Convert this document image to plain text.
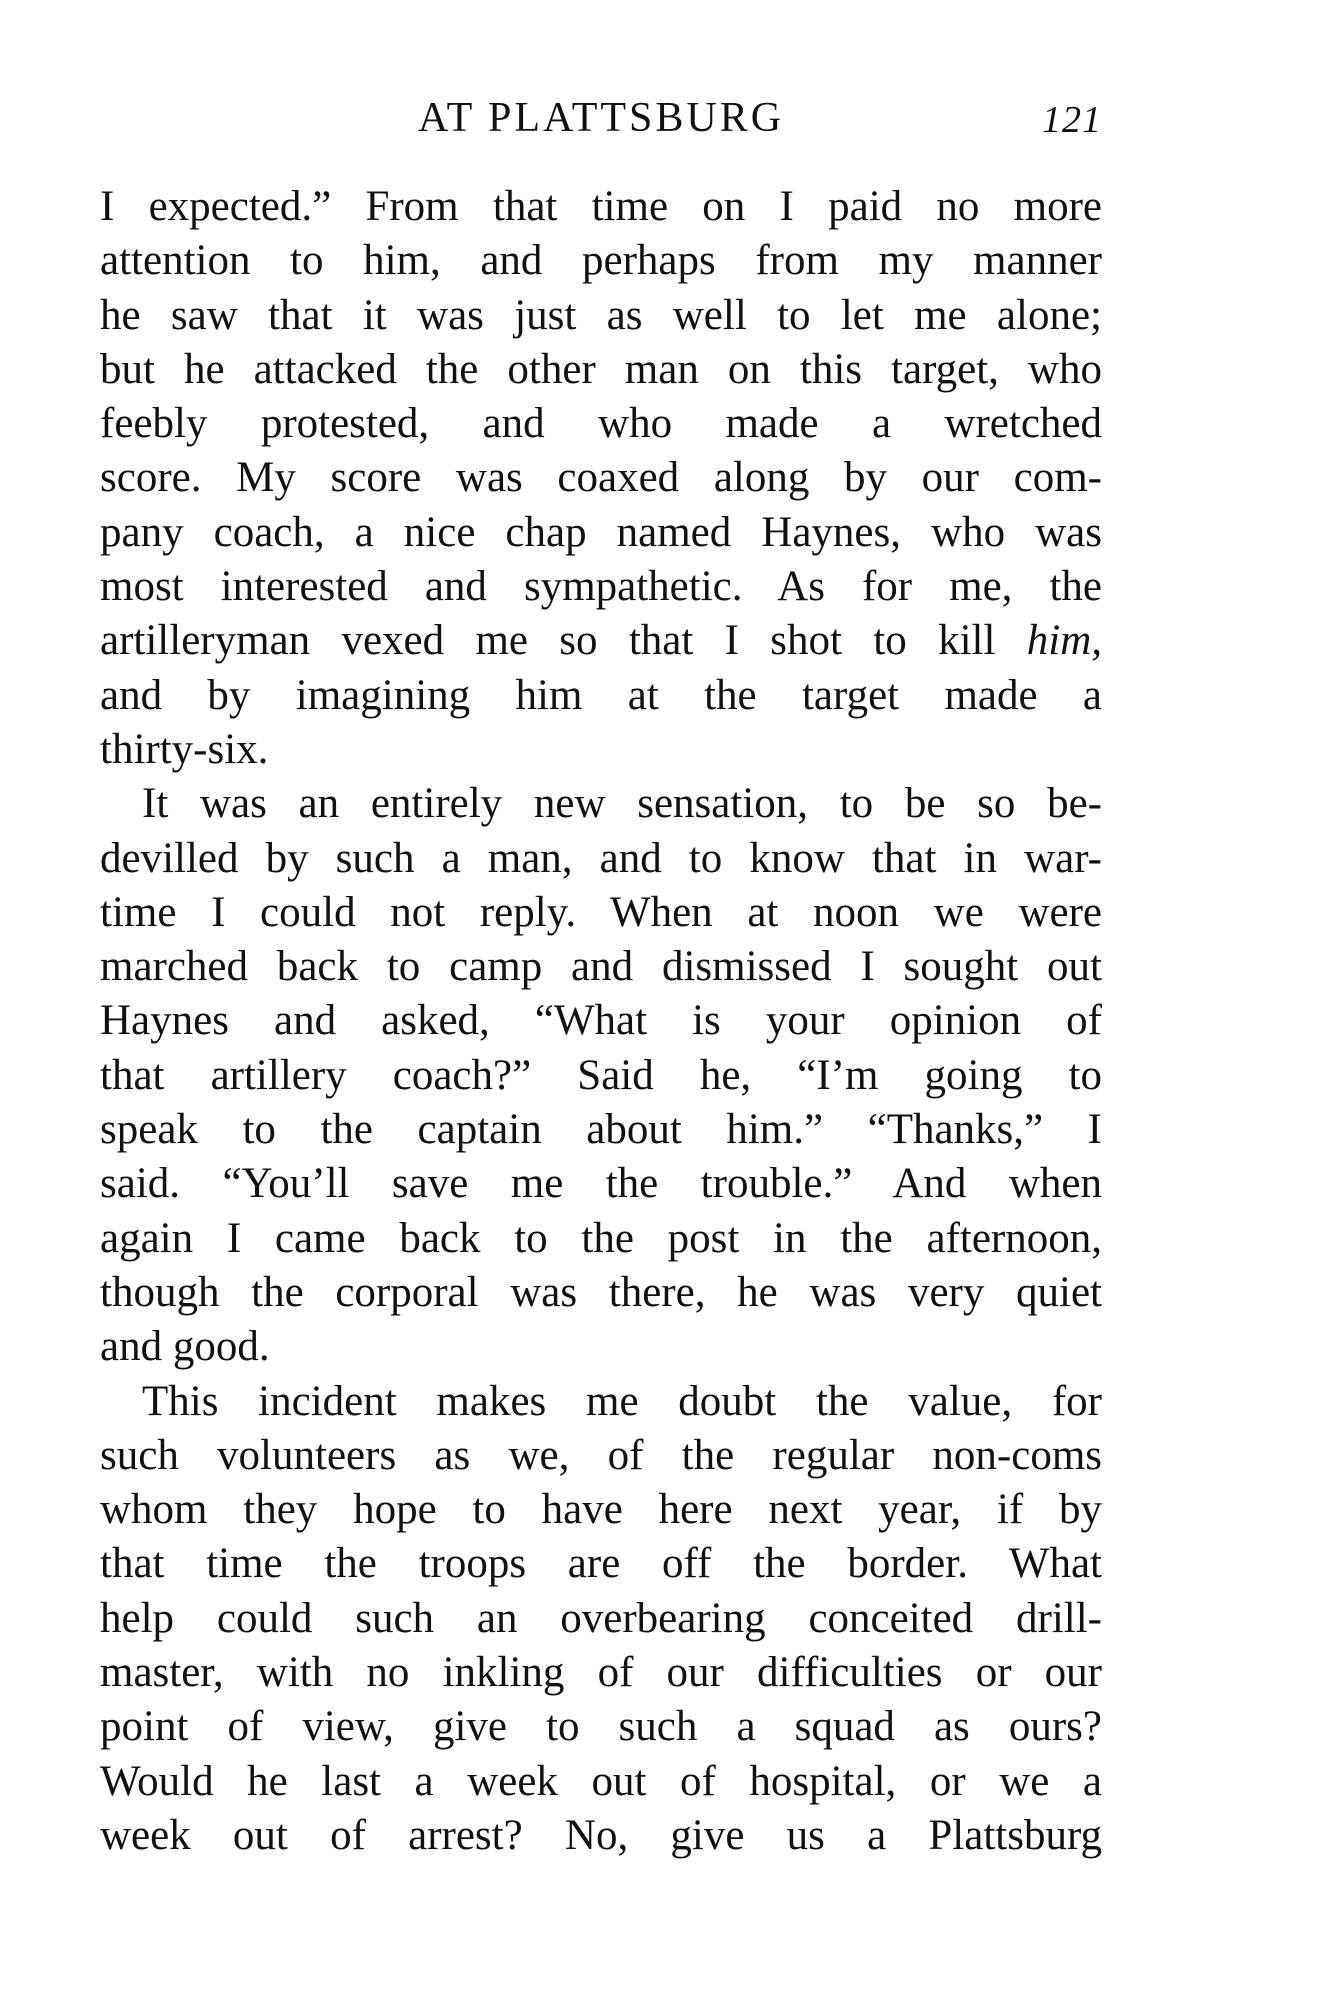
AT PLATTSBURG	121
I expected.” From that time on I paid no more
attention to him, and perhaps from my manner
he saw that it was just as well to let me alone;
but he attacked the other man on this target, who
feebly protested, and who made a wretched
score. My score was coaxed along by our com-
pany coach, a nice chap named Haynes, who was
most interested and sympathetic. As for me, the
artilleryman vexed me so that I shot to kill him,
and by imagining him at the target made a
thirty-six.
It was an entirely new sensation, to be so be-
devilled by such a man, and to know that in war-
time I could not reply. When at noon we were
marched back to camp and dismissed I sought out
Haynes and asked, “What is your opinion of
that artillery coach?” Said he, “I’m going to
speak to the captain about him.” “Thanks,” I
said. “You’ll save me the trouble.” And when
again I came back to the post in the afternoon,
though the corporal was there, he was very quiet
and good.
This incident makes me doubt the value, for
such volunteers as we, of the regular non-coms
whom they hope to have here next year, if by
that time the troops are off the border. What
help could such an overbearing conceited drill-
master, with no inkling of our difficulties or our
point of view, give to such a squad as ours?
Would he last a week out of hospital, or we a
week out of arrest? No, give us a Plattsburg
